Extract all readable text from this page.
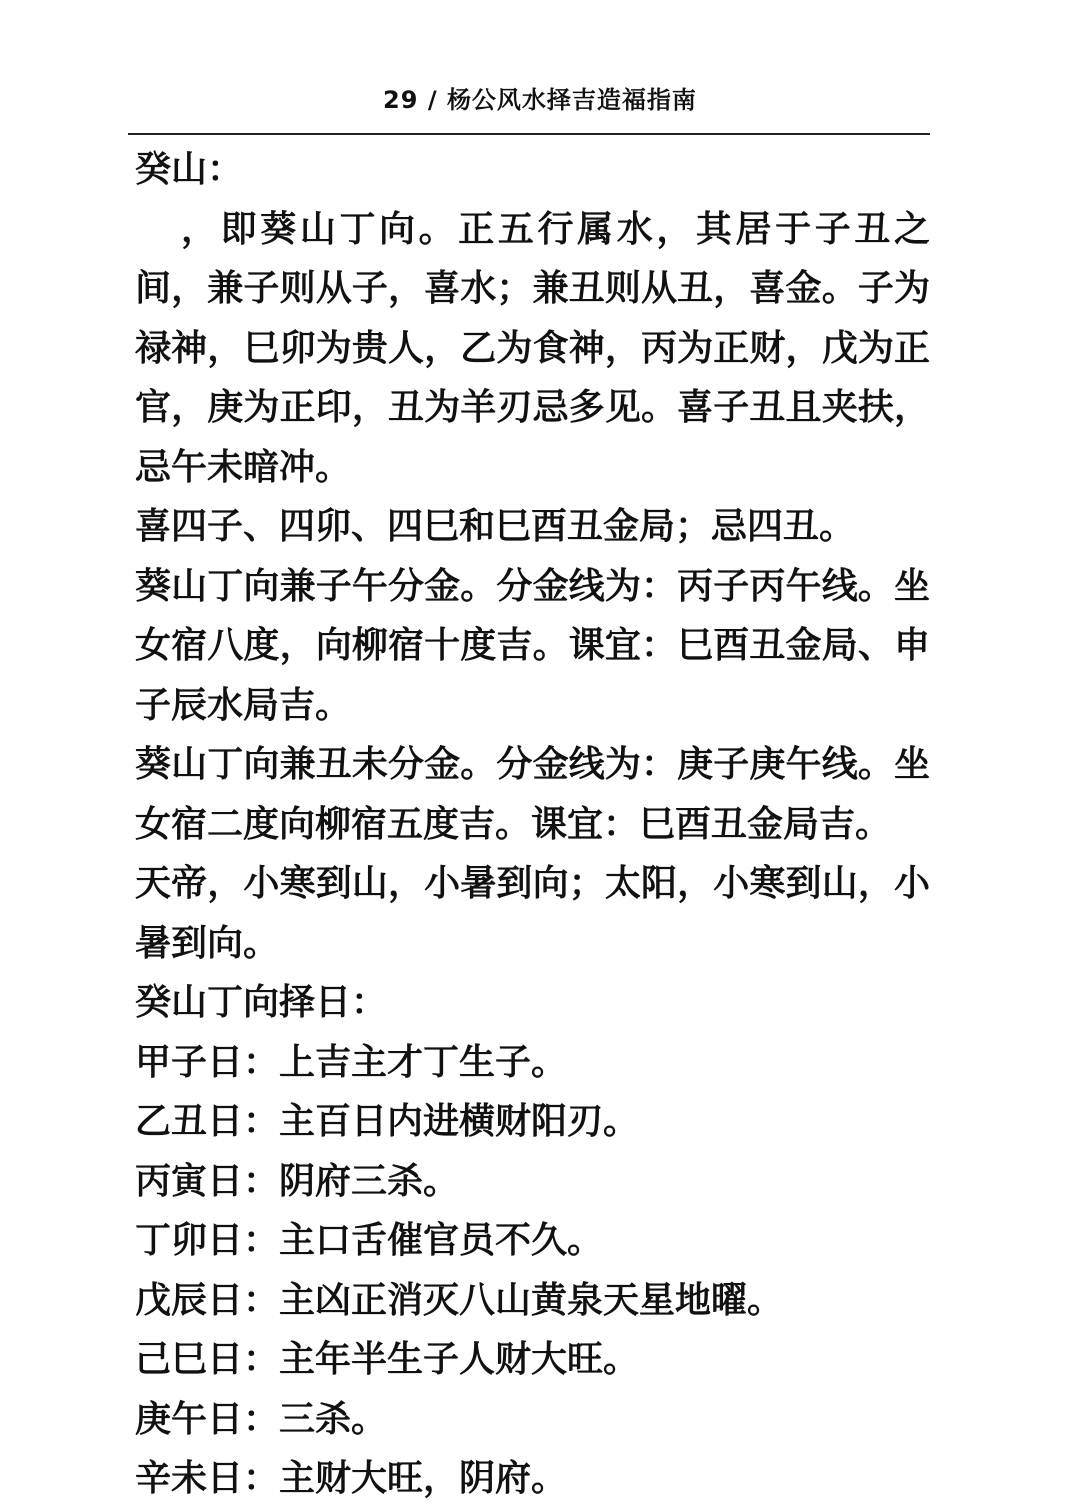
29 / 杨公风水择吉造福指南

癸山：

，即葵山丁向。正五行属水，其居于子丑之间，兼子则从子，喜水；兼丑则从丑，喜金。子为禄神，巳卯为贵人，乙为食神，丙为正财，戊为正官，庚为正印，丑为羊刃忌多见。喜子丑且夹扶，忌午未暗冲。

喜四子、四卯、四巳和巳酉丑金局；忌四丑。

葵山丁向兼子午分金。分金线为：丙子丙午线。坐女宿八度，向柳宿十度吉。课宜：巳酉丑金局、申子辰水局吉。

葵山丁向兼丑未分金。分金线为：庚子庚午线。坐女宿二度向柳宿五度吉。课宜：巳酉丑金局吉。

天帝，小寒到山，小暑到向；太阳，小寒到山，小暑到向。

癸山丁向择日：

甲子日：上吉主才丁生子。

乙丑日：主百日内进横财阳刃。

丙寅日：阴府三杀。

丁卯日：主口舌催官员不久。

戊辰日：主凶正消灭八山黄泉天星地曜。

己巳日：主年半生子人财大旺。

庚午日：三杀。

辛未日：主财大旺，阴府。
